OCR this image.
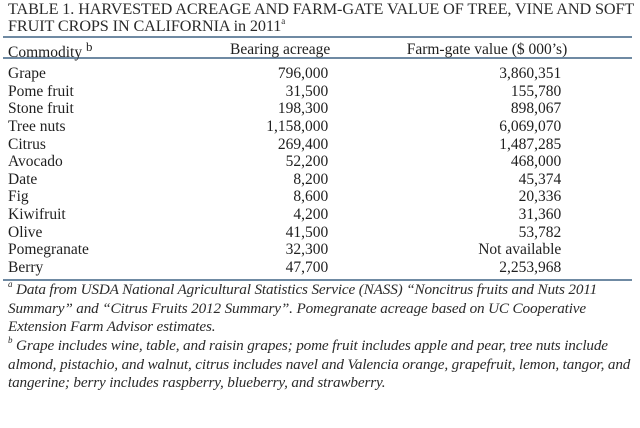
TABLE 1. HARVESTED ACREAGE AND FARM-GATE VALUE OF TREE, VINE AND SOFT FRUIT CROPS IN CALIFORNIA in 2011$^a$
Commodity $^b$	Bearing acreage	Farm-gate value ($ 000’s)
Grape	796,000	3,860,351
Pome fruit	31,500	155,780
Stone fruit	198,300	898,067
Tree nuts	1,158,000	6,069,070
Citrus	269,400	1,487,285
Avocado	52,200	468,000
Date	8,200	45,374
Fig	8,600	20,336
Kiwifruit	4,200	31,360
Olive	41,500	53,782
Pomegranate	32,300	Not available
Berry	47,700	2,253,968
$^a$ Data from USDA National Agricultural Statistics Service (NASS) “Noncitrus fruits and Nuts 2011 Summary” and “Citrus Fruits 2012 Summary”. Pomegranate acreage based on UC Cooperative Extension Farm Advisor estimates.
$^b$ Grape includes wine, table, and raisin grapes; pome fruit includes apple and pear, tree nuts include almond, pistachio, and walnut, citrus includes navel and Valencia orange, grapefruit, lemon, tangor, and tangerine; berry includes raspberry, blueberry, and strawberry.
